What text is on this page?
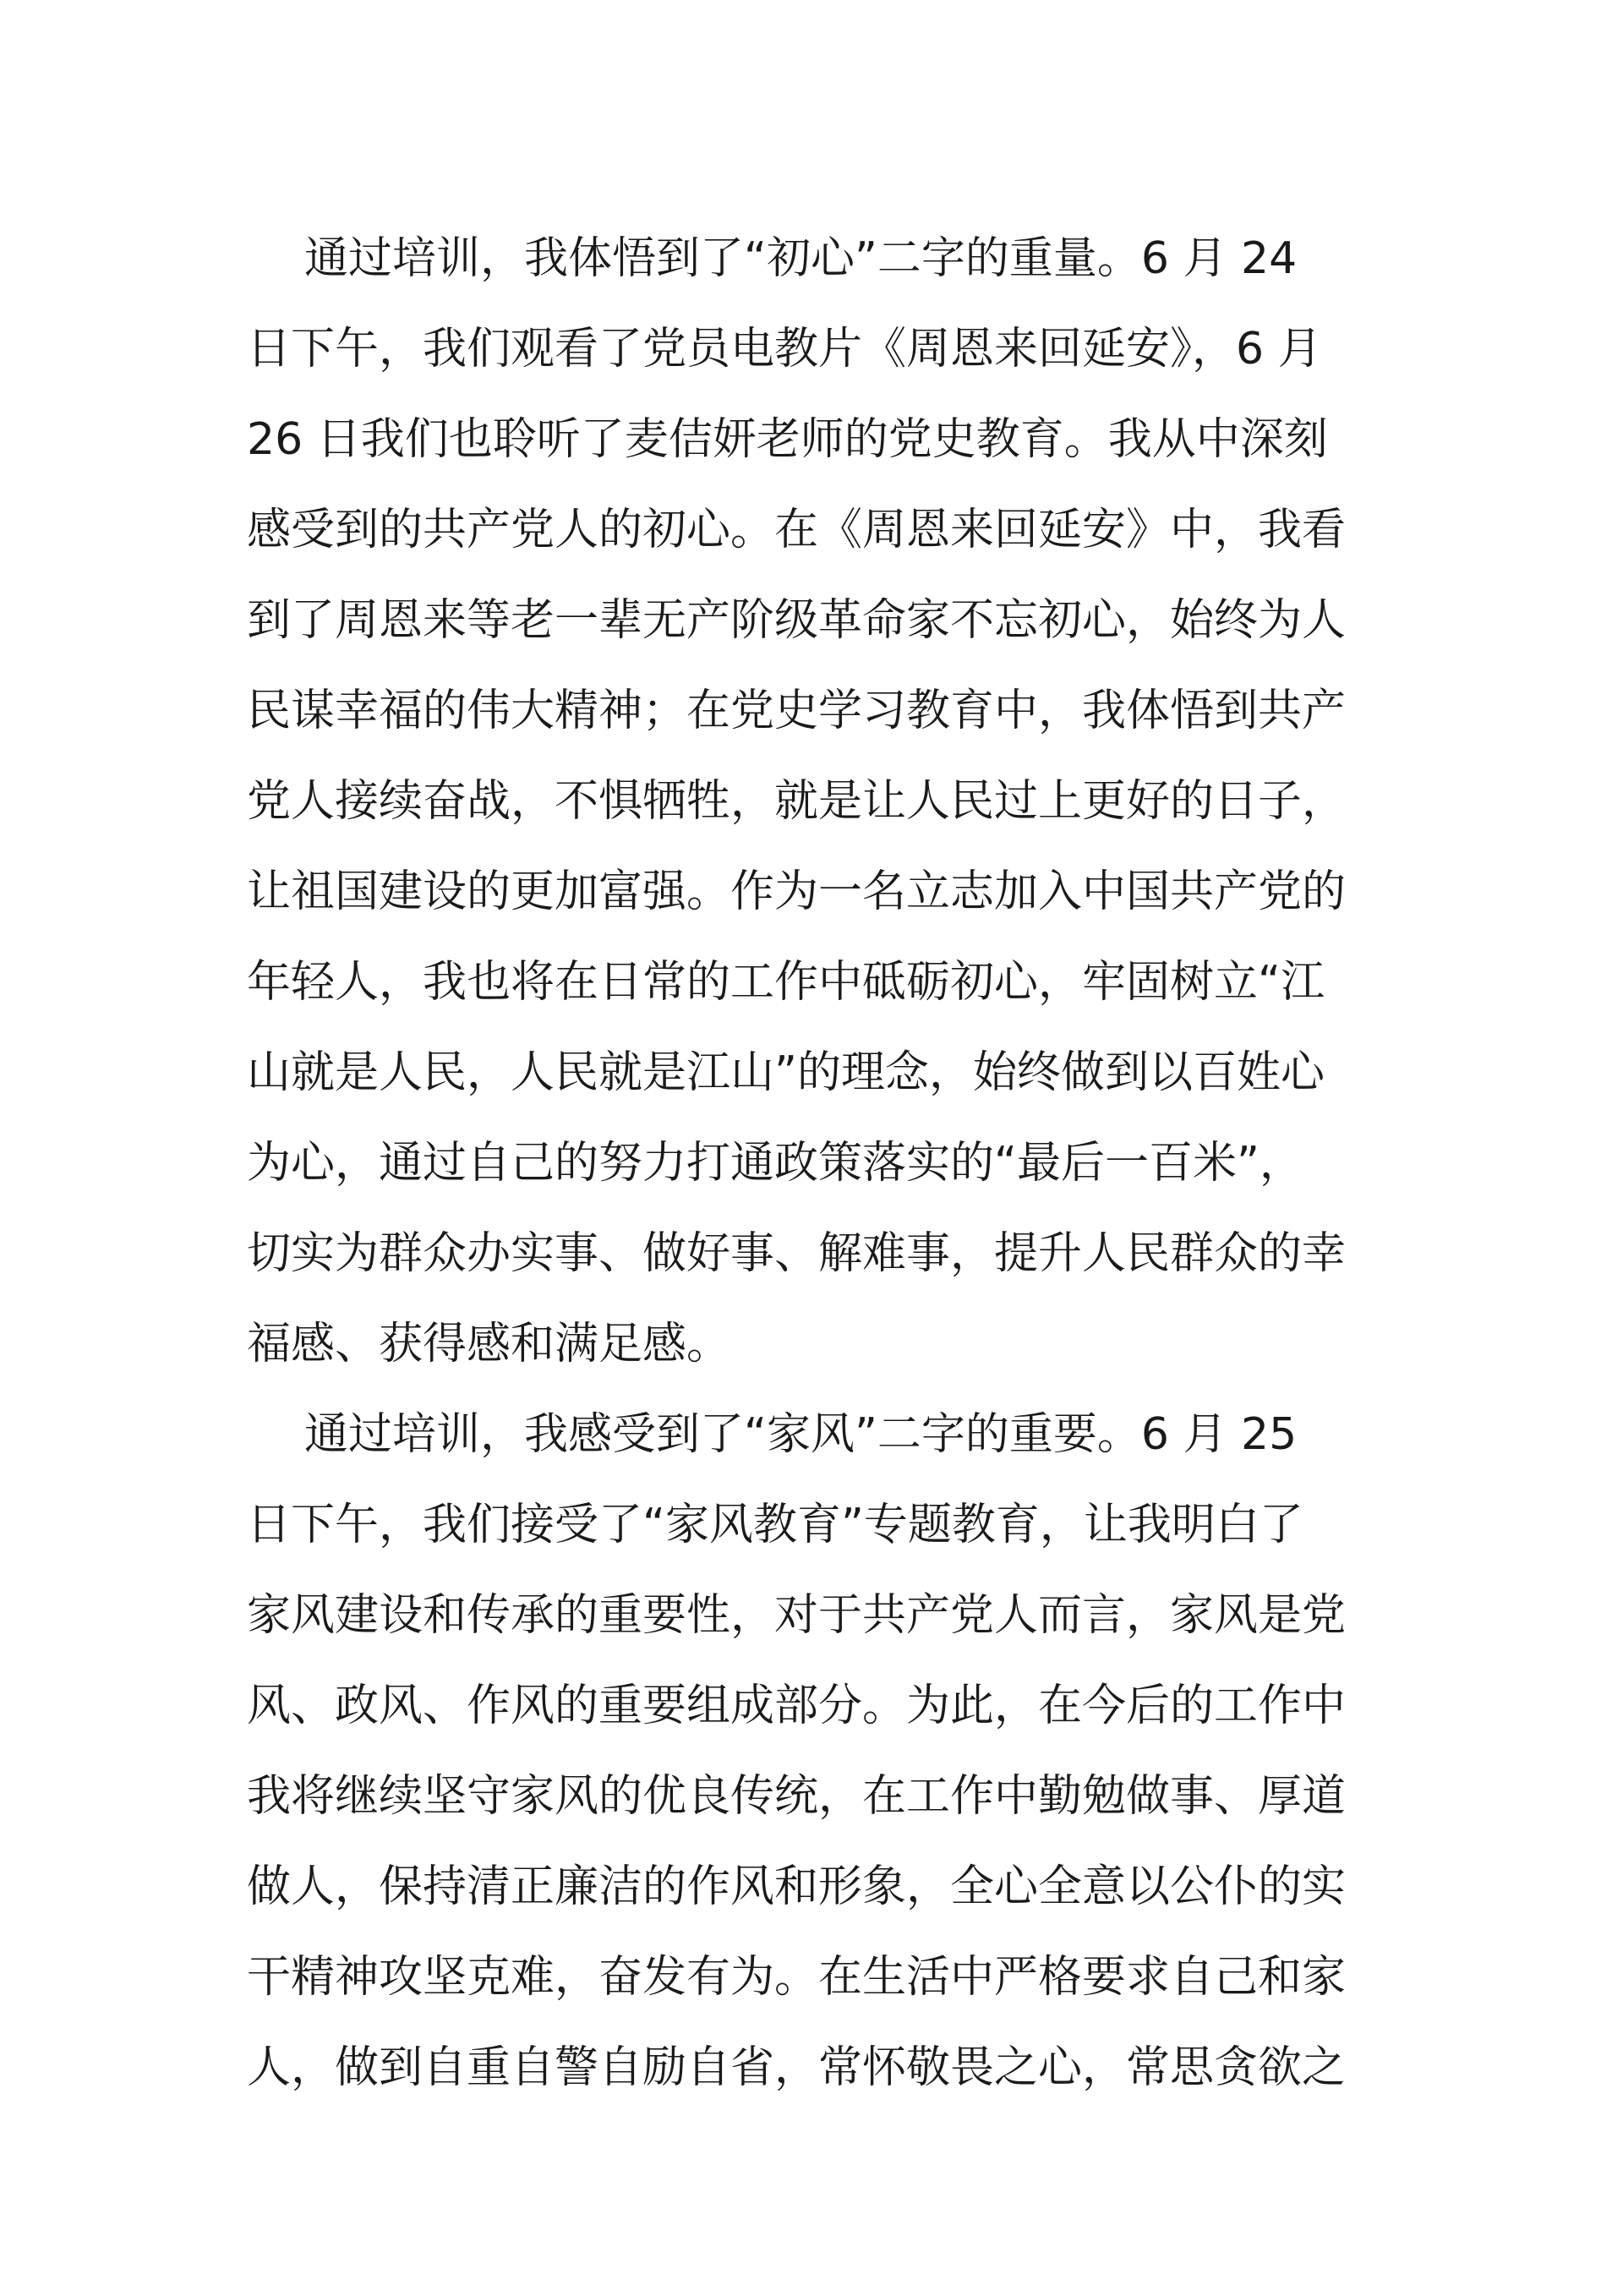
通过培训，我体悟到了“初心”二字的重量。6 月 24
日下午，我们观看了党员电教片《周恩来回延安》，6 月
26 日我们也聆听了麦佶妍老师的党史教育。我从中深刻
感受到的共产党人的初心。在《周恩来回延安》中，我看
到了周恩来等老一辈无产阶级革命家不忘初心，始终为人
民谋幸福的伟大精神；在党史学习教育中，我体悟到共产
党人接续奋战，不惧牺牲，就是让人民过上更好的日子，
让祖国建设的更加富强。作为一名立志加入中国共产党的
年轻人，我也将在日常的工作中砥砺初心，牢固树立“江
山就是人民，人民就是江山”的理念，始终做到以百姓心
为心，通过自己的努力打通政策落实的“最后一百米”，
切实为群众办实事、做好事、解难事，提升人民群众的幸
福感、获得感和满足感。
通过培训，我感受到了“家风”二字的重要。6 月 25
日下午，我们接受了“家风教育”专题教育，让我明白了
家风建设和传承的重要性，对于共产党人而言，家风是党
风、政风、作风的重要组成部分。为此，在今后的工作中
我将继续坚守家风的优良传统，在工作中勤勉做事、厚道
做人，保持清正廉洁的作风和形象，全心全意以公仆的实
干精神攻坚克难，奋发有为。在生活中严格要求自己和家
人，做到自重自警自励自省，常怀敬畏之心，常思贪欲之
